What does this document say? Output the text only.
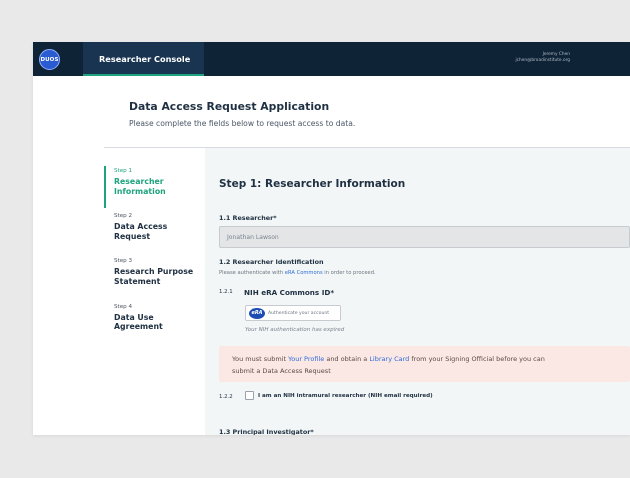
DUOS	Researcher Console	Jeremy Chen
jchen@broadinstitute.org
Data Access Request Application
Please complete the fields below to request access to data.
Step 1
Researcher Information
Step 2
Data Access Request
Step 3
Research Purpose Statement
Step 4
Data Use Agreement
Step 1: Researcher Information
1.1 Researcher*
Jonathan Lawson
1.2 Researcher Identification
Please authenticate with eRA Commons in order to proceed.
1.2.1 NIH eRA Commons ID*
eRA	Authenticate your account
Your NIH authentication has expired
You must submit Your Profile and obtain a Library Card from your Signing Official before you can
submit a Data Access Request
1.2.2	I am an NIH intramural researcher (NIH email required)
1.3 Principal Investigator*
